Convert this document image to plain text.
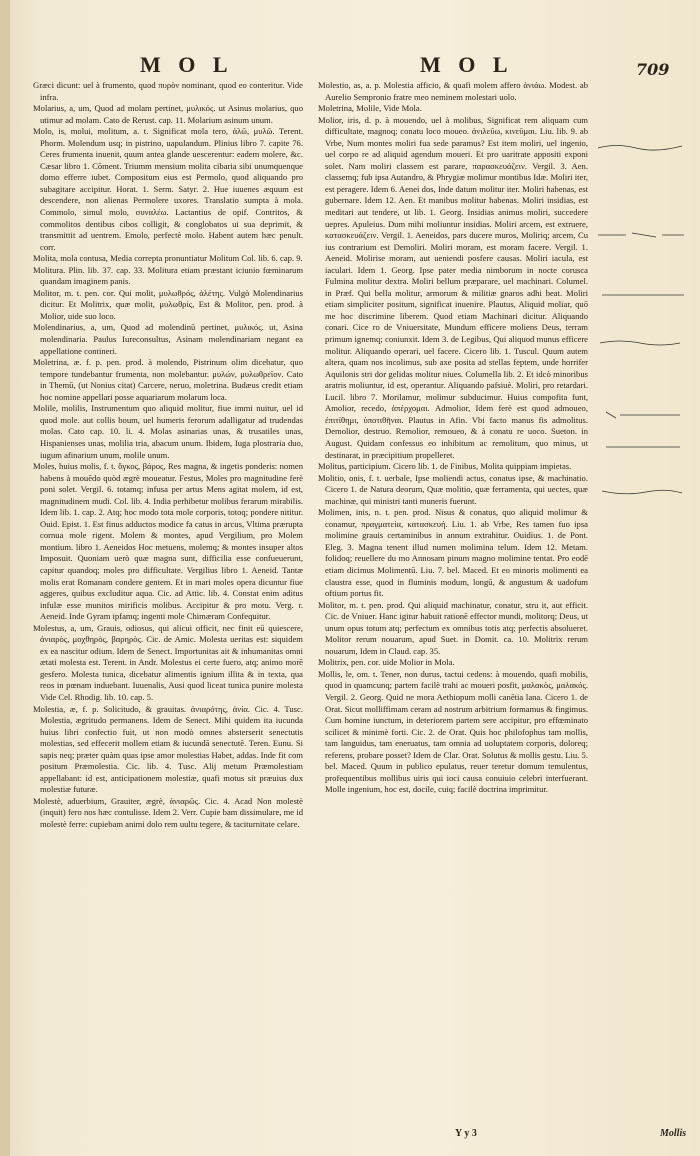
M O L	M O L	709
Græci dicunt: uel à frumento, quod πυρὸν nominant, quod eo conteritur. Vide infra.
Molarius, a, um, Quod ad molam pertinet, μυλικός. ut Asinus molarius, quo utimur ad molam. Cato de Rerust. cap. 11. Molarium asinum unum.
Molo, is, molui, molitum, a. t. Significat mola tero, ἀλῶ, μυλῶ. Terent. Phorm. Molendum usq; in pistrino, uapulandum. Plinius libro 7. capite 76. Ceres frumenta inuenit, quum antea glande uescerentur: eadem molere, &c. Cæsar libro 1. Cõment. Triumm mensium molita cibaria sibi unumquenque domo efferre iubet. Compositum eius est Permolo, quod aliquando pro subagitare accipitur. Horat. 1. Serm. Satyr. 2. Hue iuuenes æquum est descendere, non alienas Permolere uxores. Translatio sumpta à mola. Commolo, simul molo, συναλέω. Lactantius de opif. Contritos, & commolitos dentibus cibos colligit, & conglobatos ui sua deprimit, & transmittit ad uentrem. Emolo, perfectè molo. Habent autem hæc penult. corr.
Molita, mola contusa, Media correpta pronuntiatur Molitum Col. lib. 6. cap. 9.
Molitura. Plin. lib. 37. cap. 33. Molitura etiam præstant iciunio fœminarum quandam imaginem panis.
Molitor, m. t. pen. cor. Qui molit, μυλωθρός, ἀλέτης. Vulgò Molendinarius dicitur. Et Molitrix, quæ molit, μυλωθρίς, Est & Molitor, pen. prod. à Molior, uide suo loco.
Molendinarius, a, um, Quod ad molendinū pertinet, μυλικός. ut, Asina molendinaria. Paulus Iureconsultus, Asinam molendinariam negant ea appellatione contineri.
Moletrina, æ. f. p. pen. prod. à molendo, Pistrinum olim dicebatur, quo tempore tundebantur frumenta, non molebantur. μυλών, μυλωθρεῖον. Cato in Themū, (ut Nonius citat) Carcere, neruo, moletrina. Budæus credit etiam hoc nomine appellari posse aquariarum molarum loca.
Molile, molilis, Instrumentum quo aliquid molitur, fiue immi nuitur, uel id quod mole. aut collis boum, uel humeris ferorum adalligatur ad trudendas molas. Cato cap. 10. li. 4. Molas asinarias unas, & trusatiles unas, Hispanienses unas, molilia tria, abacum unum. Ibidem, Iuga plostraria duo, iugum afinarium unum, molile unum.
Moles, huius molis, f. t. ὄγκος, βάρος, Res magna, & ingetis ponderis: nomen habens à mouēdo quòd ægrè moueatur. Festus, Moles pro magnitudine ferè poni solet. Vergil. 6. totamq; infusa per artus Mens agitat molem, id est, magnitudinem mudi. Col. lib. 4. India perhibetur molibus ferarum mirabilis. Idem lib. 1. cap. 2. Atq; hoc modo tota mole corporis, totoq; pondere nititur. Ouid. Epist. 1. Est finus adductos modice fa catus in arcus, Vltima prærupta cornua mole rigent. Molem & montes, apud Vergilium, pro Molem montium. libro 1. Aeneidos Hoc metuens, molemq; & montes insuper altos Imposuit. Quoniam uerò quæ magna sunt, difficilia esse confueuerunt, capitur quandoq; moles pro difficultate. Vergilius libro 1. Aeneid. Tantæ molis erat Romanam condere gentem. Et in mari moles opera dicuntur fiue aggeres, quibus excluditur aqua. Cic. ad Attic. lib. 4. Constat enim aditus infulæ esse munitos mirificis molibus. Accipitur & pro motu. Verg. r. Aeneid. Inde Gyram ipfamq; ingenti mole Chimæram Confequitur.
Molestus, a, um, Grauis, odiosus, qui alicui officit, nec finit eū quiescere, ἀνιαρὸς, μοχθηρὸς, βαρηρὸς. Cic. de Amic. Molesta ueritas est: siquidem ex ea nascitur odium. Idem de Senect. Importunitas ait & inhumanitas omni ætati molesta est. Terent. in Andr. Molestus ei certe fuero, atq; animo morē gesfero. Molesta tunica, dicebatur alimentis ignium illita & in texta, qua reos in pœnam induebant. Iuuenalis, Ausi quod liceat tunica punire molesta Vide Cel. Rhodig. lib. 10. cap. 5.
Molestia, æ, f. p. Solicitudo, & grauitas. ἀνιαρότης, ἀνία. Cic. 4. Tusc. Molestia, ægritudo permanens. Idem de Senect. Mihi quidem ita iucunda huius libri confectio fuit, ut non modò omnes absterserit senectutis molestias, sed effecerit mollem etiam & iucundā senectutē. Teren. Eunu. Si sapis neq; præter quàm quas ipse amor molestias Habet, addas. Inde fit com positum Præmolestia. Cic. lib. 4. Tusc. Alij metum Præmolestiam appellabant: id est, anticipationem molestiæ, quafi motus sit præuius dux molestiæ futuræ.
Molestè, aduerbium, Grauiter, ægrè, ἀνιαρῶς. Cic. 4. Acad Non molestè (inquit) fero nos hæc contulisse. Idem 2. Verr. Cupie bam dissimulare, me id molestè ferre: cupiebam animi dolo rem uultu tegere, & taciturnitate celare.
Molestio, as, a. p. Molestia afficio, & quafi molem affero ἀνιάω. Modest. ab Aurelio Sempronio fratre meo neminem molestari uolo.
Moletrina, Molile, Vide Mola.
Molior, iris, d. p. à mouendo, uel à molibus, Significat rem aliquam cum difficultate, magnoq; conatu loco moueo. ἀνιλεῦω, κινεῦμαι. Liu. lib. 9. ab Vrbe, Num montes moliri fua sede paramus? Est item moliri, uel ingenio, uel corpo re ad aliquid agendum moueri. Et pro uaritrate appositi exponi solet. Nam moliri classem est parare, παρασκευάζειν. Vergil. 3. Aen. classemq; fub ipsa Autandro, & Phrygiæ molimur montibus Idæ. Moliri iter, est peragere. Idem 6. Aenei dos, Inde datum molitur iter. Moliri habenas, est gubernare. Idem 12. Aen. Et manibus molitur habenas. Moliri insidias, est meditari aut tendere, ut lib. 1. Georg. Insidias animus moliri, succedere uepres. Apuleius. Dum mihi moliuntur insidias. Moliri arcem, est extruere, κατασκευάζειν. Vergil. 1. Aeneidos, pars ducere muros, Moliriq; arcem, Cu ius contrarium est Demoliri. Moliri moram, est moram facere. Vergil. 1. Aeneid. Molirise moram, aut ueniendi posfere causas. Moliri iacula, est iaculari. Idem 1. Georg. Ipse pater media nimborum in nocte corusca Fulmina molitur dextra. Moliri bellum præparare, uel machinari. Columel. in Præf. Qui bella molitur, armorum & militiæ gnaros adhi beat. Moliri etiam simpliciter positum, significat inuenire. Plautus, Aliquid moliar, quō me hoc discrimine liberem. Quod etiam Machinari dicitur. Aliquando conari. Cice ro de Vniuersitate, Mundum efficere moliens Deus, terram primum ignemq; coniunxit. Idem 3. de Legibus, Qui aliquod munus efficere molitur. Aliquando operari, uel facere. Cicero lib. 1. Tuscul. Quum autem altera, quam nos incolimus, sub axe posita ad stellas feptem, unde horrifer Aquilonis stri dor gelidas molitur niues. Columella lib. 2. Et idcò minoribus aratris moliuntur, id est, operantur. Aliquando pafsiuè. Moliri, pro retardari. Lucil. libro 7. Morilamur, molimur subducimur. Huius compofita funt, Amolior, recedo, ἀπέρχομαι. Admolior, Idem ferè est quod admoueo, ἐπιτίθημι, ὑποτιθῆναι. Plautus in Afin. Vbi facto manus fis admolitus. Demolior, destruo. Remolior, remoueo, & à conatu re uoco. Sueton. in August. Quidam confessus eo inhibitum ac remolitum, quo minus, ut destinarat, in præcipitium propelleret.
Molitus, participium. Cicero lib. 1. de Finibus, Molita quippiam impietas.
Molitio, onis, f. t. uerbale, Ipse moliendi actus, conatus ipse, & machinatio. Cicero 1. de Natura deorum, Quæ molitio, quæ ferramenta, qui uectes, quæ machinæ, qui ministri tanti muneris fuerunt.
Molimen, inis, n. t. pen. prod. Nisus & conatus, quo aliquid molimur & conamur, πραγματεία, κατασκευή. Liu. 1. ab Vrbe, Res tamen fuo ipsa molimine grauis certaminibus in annum extrahitur. Ouidius. 1. de Pont. Eleg. 3. Magna tenent illud numen molimina telum. Idem 12. Metam. folidoq; reuellere du mo Annosam pinum magno molimine tentat. Pro eodē etiam dicimus Molimentū. Liu. 7. bel. Maced. Et eo minoris molimenti ea claustra esse, quod in fluminis modum, longū, & angustum & uadofum oftium portus fit.
Molitor, m. t. pen. prod. Qui aliquid machinatur, conatur, stru it, aut efficit. Cic. de Vniuer. Hanc igitur habuit rationē effector mundi, molitorq; Deus, ut unum opus totum atq; perfectum ex omnibus totis atq; perfectis absolueret. Molitor rerum nouarum, apud Suet. in Domit. ca. 10. Molitrix rerum nouarum, Idem in Claud. cap. 35.
Molitrix, pen. cor. uide Molior in Mola.
Mollis, le, om. t. Tener, non durus, tactui cedens: à mouendo, quafi mobilis, quod in quamcunq; partem facilè trahi ac moueri posfit, μαλακὸς, μαλακός. Vergil. 2. Georg. Quid ne mora Aethiopum molli canētia lana. Cicero 1. de Orat. Sicut molliffimam ceram ad nostrum arbitrium formamus & fingimus. Cum homine iunctum, in deteriorem partem sere accipitur, pro effœminato scilicet & minimè forti. Cic. 2. de Orat. Quis hoc philofophus tam mollis, tam languidus, tam eneruatus, tam omnia ad uoluptatem corporis, doloreq; referens, probare posset? Idem de Clar. Orat. Solutus & mollis gestu. Liu. 5. bel. Maced. Quum in publico epulatus, reuer teretur domum temulentus, profequentibus mollibus uiris qui ioci causa conuiuio celebri interfuerant. Molle ingenium, hoc est, docile, cuiq; facilè doctrina imprimitur.
Y y 3	Mollis
